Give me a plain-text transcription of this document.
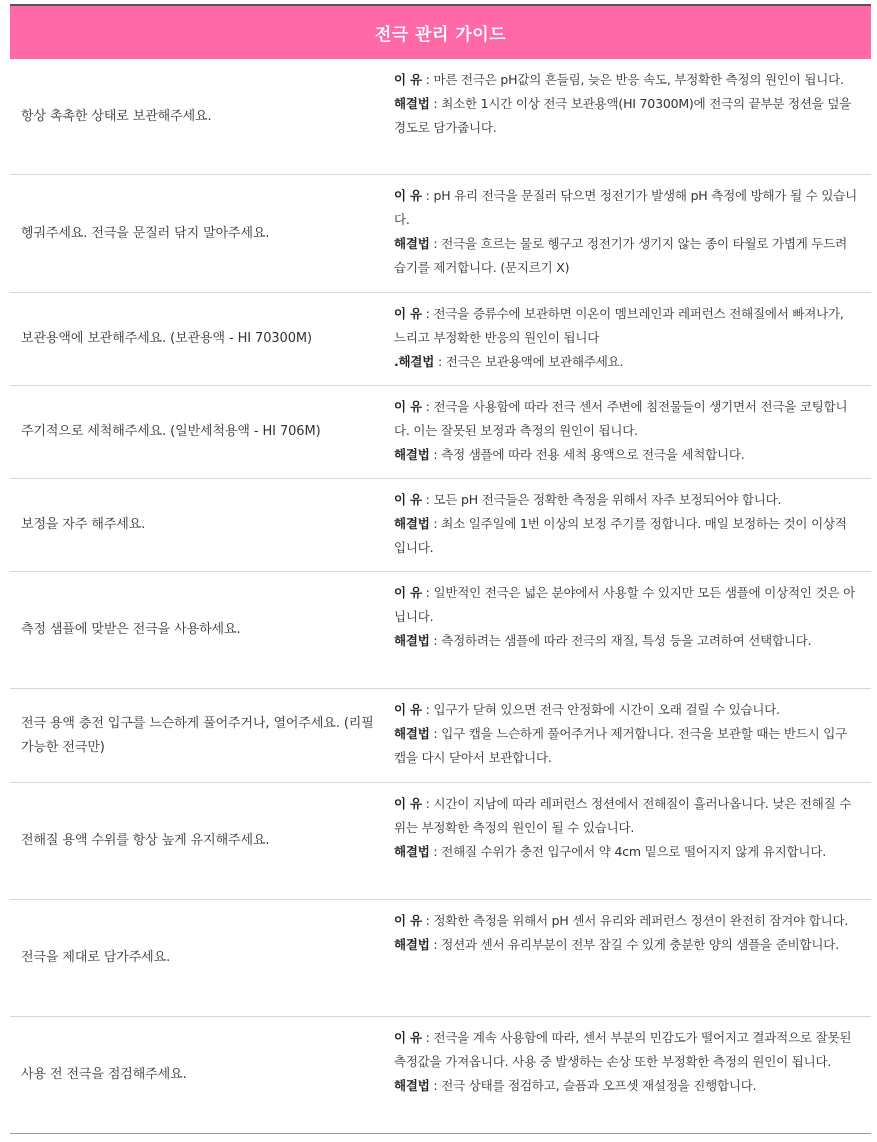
전극 관리 가이드
항상 촉촉한 상태로 보관해주세요.
이 유 : 마른 전극은 pH값의 흔들림, 늦은 반응 속도, 부정확한 측정의 원인이 됩니다.
해결법 : 최소한 1시간 이상 전극 보관용액(HI 70300M)에 전극의 끝부분 정션을 덮을 경도로 담가줍니다.
헹궈주세요. 전극을 문질러 닦지 말아주세요.
이 유 : pH 유리 전극을 문질러 닦으면 정전기가 발생해 pH 측정에 방해가 될 수 있습니다.
해결법 : 전극을 흐르는 물로 헹구고 정전기가 생기지 않는 종이 타월로 가볍게 두드려 습기를 제거합니다. (문지르기 X)
보관용액에 보관해주세요. (보관용액 - HI 70300M)
이 유 : 전극을 증류수에 보관하면 이온이 멤브레인과 레퍼런스 전해질에서 빠져나가, 느리고 부정확한 반응의 원인이 됩니다
.해결법 : 전극은 보관용액에 보관해주세요.
주기적으로 세척해주세요. (일반세척용액 - HI 706M)
이 유 : 전극을 사용함에 따라 전극 센서 주변에 침전물들이 생기면서 전극을 코팅합니다. 이는 잘못된 보정과 측정의 원인이 됩니다.
해결법 : 측정 샘플에 따라 전용 세척 용액으로 전극을 세척합니다.
보정을 자주 해주세요.
이 유 : 모든 pH 전극들은 정확한 측정을 위해서 자주 보정되어야 합니다.
해결법 : 최소 일주일에 1번 이상의 보정 주기를 정합니다. 매일 보정하는 것이 이상적입니다.
측정 샘플에 맞받은 전극을 사용하세요.
이 유 : 일반적인 전극은 넓은 분야에서 사용할 수 있지만 모든 샘플에 이상적인 것은 아닙니다.
해결법 : 측정하려는 샘플에 따라 전극의 재질, 특성 등을 고려하여 선택합니다.
전극 용액 충전 입구를 느슨하게 풀어주거나, 열어주세요. (리필 가능한 전극만)
이 유 : 입구가 닫혀 있으면 전극 안정화에 시간이 오래 걸릴 수 있습니다.
해결법 : 입구 캡을 느슨하게 풀어주거나 제거합니다. 전극을 보관할 때는 반드시 입구 캡을 다시 닫아서 보관합니다.
전해질 용액 수위를 항상 높게 유지해주세요.
이 유 : 시간이 지남에 따라 레퍼런스 정션에서 전해질이 흘러나옵니다. 낮은 전해질 수위는 부정확한 측정의 원인이 될 수 있습니다.
해결법 : 전해질 수위가 충전 입구에서 약 4cm 밑으로 떨어지지 않게 유지합니다.
전극을 제대로 담가주세요.
이 유 : 정확한 측정을 위해서 pH 센서 유리와 레퍼런스 정션이 완전히 잠겨야 합니다.
해결법 : 정션과 센서 유리부분이 전부 잠길 수 있게 충분한 양의 샘플을 준비합니다.
사용 전 전극을 점검해주세요.
이 유 : 전극을 계속 사용함에 따라, 센서 부분의 민감도가 떨어지고 결과적으로 잘못된 측정값을 가져옵니다. 사용 중 발생하는 손상 또한 부정확한 측정의 원인이 됩니다.
해결법 : 전극 상태를 점검하고, 슬픔과 오프셋 재설정을 진행합니다.
